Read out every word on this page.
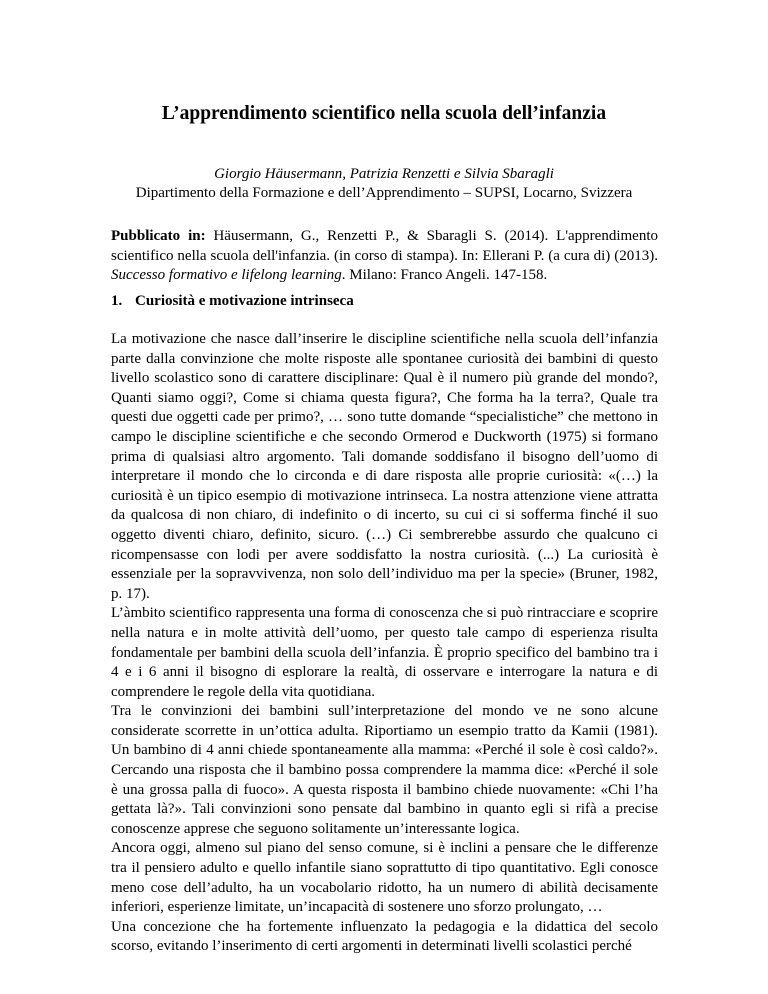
L’apprendimento scientifico nella scuola dell’infanzia

Giorgio Häusermann, Patrizia Renzetti e Silvia Sbaragli

Dipartimento della Formazione e dell’Apprendimento – SUPSI, Locarno, Svizzera

Pubblicato in: Häusermann, G., Renzetti P., & Sbaragli S. (2014). L'apprendimento scientifico nella scuola dell'infanzia. (in corso di stampa). In: Ellerani P. (a cura di) (2013). Successo formativo e lifelong learning. Milano: Franco Angeli. 147-158.

1. Curiosità e motivazione intrinseca

La motivazione che nasce dall’inserire le discipline scientifiche nella scuola dell’infanzia parte dalla convinzione che molte risposte alle spontanee curiosità dei bambini di questo livello scolastico sono di carattere disciplinare: Qual è il numero più grande del mondo?, Quanti siamo oggi?, Come si chiama questa figura?, Che forma ha la terra?, Quale tra questi due oggetti cade per primo?, … sono tutte domande “specialistiche” che mettono in campo le discipline scientifiche e che secondo Ormerod e Duckworth (1975) si formano prima di qualsiasi altro argomento. Tali domande soddisfano il bisogno dell’uomo di interpretare il mondo che lo circonda e di dare risposta alle proprie curiosità: «(…) la curiosità è un tipico esempio di motivazione intrinseca. La nostra attenzione viene attratta da qualcosa di non chiaro, di indefinito o di incerto, su cui ci si sofferma finché il suo oggetto diventi chiaro, definito, sicuro. (…) Ci sembrerebbe assurdo che qualcuno ci ricompensasse con lodi per avere soddisfatto la nostra curiosità. (...) La curiosità è essenziale per la sopravvivenza, non solo dell’individuo ma per la specie» (Bruner, 1982, p. 17).

L’àmbito scientifico rappresenta una forma di conoscenza che si può rintracciare e scoprire nella natura e in molte attività dell’uomo, per questo tale campo di esperienza risulta fondamentale per bambini della scuola dell’infanzia. È proprio specifico del bambino tra i 4 e i 6 anni il bisogno di esplorare la realtà, di osservare e interrogare la natura e di comprendere le regole della vita quotidiana.

Tra le convinzioni dei bambini sull’interpretazione del mondo ve ne sono alcune considerate scorrette in un’ottica adulta. Riportiamo un esempio tratto da Kamii (1981). Un bambino di 4 anni chiede spontaneamente alla mamma: «Perché il sole è così caldo?». Cercando una risposta che il bambino possa comprendere la mamma dice: «Perché il sole è una grossa palla di fuoco». A questa risposta il bambino chiede nuovamente: «Chi l’ha gettata là?». Tali convinzioni sono pensate dal bambino in quanto egli si rifà a precise conoscenze apprese che seguono solitamente un’interessante logica.

Ancora oggi, almeno sul piano del senso comune, si è inclini a pensare che le differenze tra il pensiero adulto e quello infantile siano soprattutto di tipo quantitativo. Egli conosce meno cose dell’adulto, ha un vocabolario ridotto, ha un numero di abilità decisamente inferiori, esperienze limitate, un’incapacità di sostenere uno sforzo prolungato, …

Una concezione che ha fortemente influenzato la pedagogia e la didattica del secolo scorso, evitando l’inserimento di certi argomenti in determinati livelli scolastici perché
